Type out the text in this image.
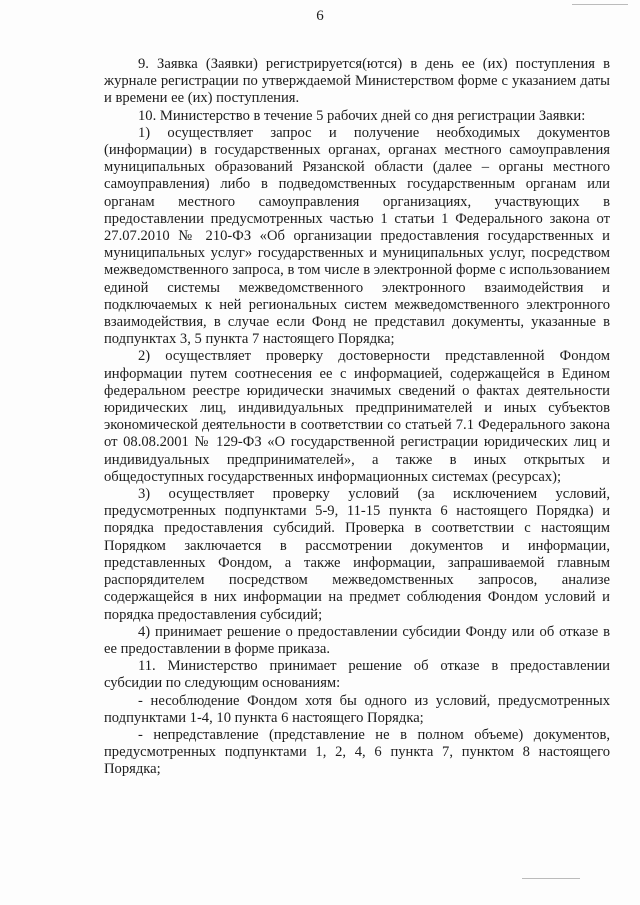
6

9. Заявка (Заявки) регистрируется(ются) в день ее (их) поступления в журнале регистрации по утверждаемой Министерством форме с указанием даты и времени ее (их) поступления.

10. Министерство в течение 5 рабочих дней со дня регистрации Заявки:

1) осуществляет запрос и получение необходимых документов (информации) в государственных органах, органах местного самоуправления муниципальных образований Рязанской области (далее – органы местного самоуправления) либо в подведомственных государственным органам или органам местного самоуправления организациях, участвующих в предоставлении предусмотренных частью 1 статьи 1 Федерального закона от 27.07.2010 № 210-ФЗ «Об организации предоставления государственных и муниципальных услуг» государственных и муниципальных услуг, посредством межведомственного запроса, в том числе в электронной форме с использованием единой системы межведомственного электронного взаимодействия и подключаемых к ней региональных систем межведомственного электронного взаимодействия, в случае если Фонд не представил документы, указанные в подпунктах 3, 5 пункта 7 настоящего Порядка;

2) осуществляет проверку достоверности представленной Фондом информации путем соотнесения ее с информацией, содержащейся в Едином федеральном реестре юридически значимых сведений о фактах деятельности юридических лиц, индивидуальных предпринимателей и иных субъектов экономической деятельности в соответствии со статьей 7.1 Федерального закона от 08.08.2001 № 129-ФЗ «О государственной регистрации юридических лиц и индивидуальных предпринимателей», а также в иных открытых и общедоступных государственных информационных системах (ресурсах);

3) осуществляет проверку условий (за исключением условий, предусмотренных подпунктами 5-9, 11-15 пункта 6 настоящего Порядка) и порядка предоставления субсидий. Проверка в соответствии с настоящим Порядком заключается в рассмотрении документов и информации, представленных Фондом, а также информации, запрашиваемой главным распорядителем посредством межведомственных запросов, анализе содержащейся в них информации на предмет соблюдения Фондом условий и порядка предоставления субсидий;

4) принимает решение о предоставлении субсидии Фонду или об отказе в ее предоставлении в форме приказа.

11. Министерство принимает решение об отказе в предоставлении субсидии по следующим основаниям:

- несоблюдение Фондом хотя бы одного из условий, предусмотренных подпунктами 1-4, 10 пункта 6 настоящего Порядка;

- непредставление (представление не в полном объеме) документов, предусмотренных подпунктами 1, 2, 4, 6 пункта 7, пунктом 8 настоящего Порядка;
